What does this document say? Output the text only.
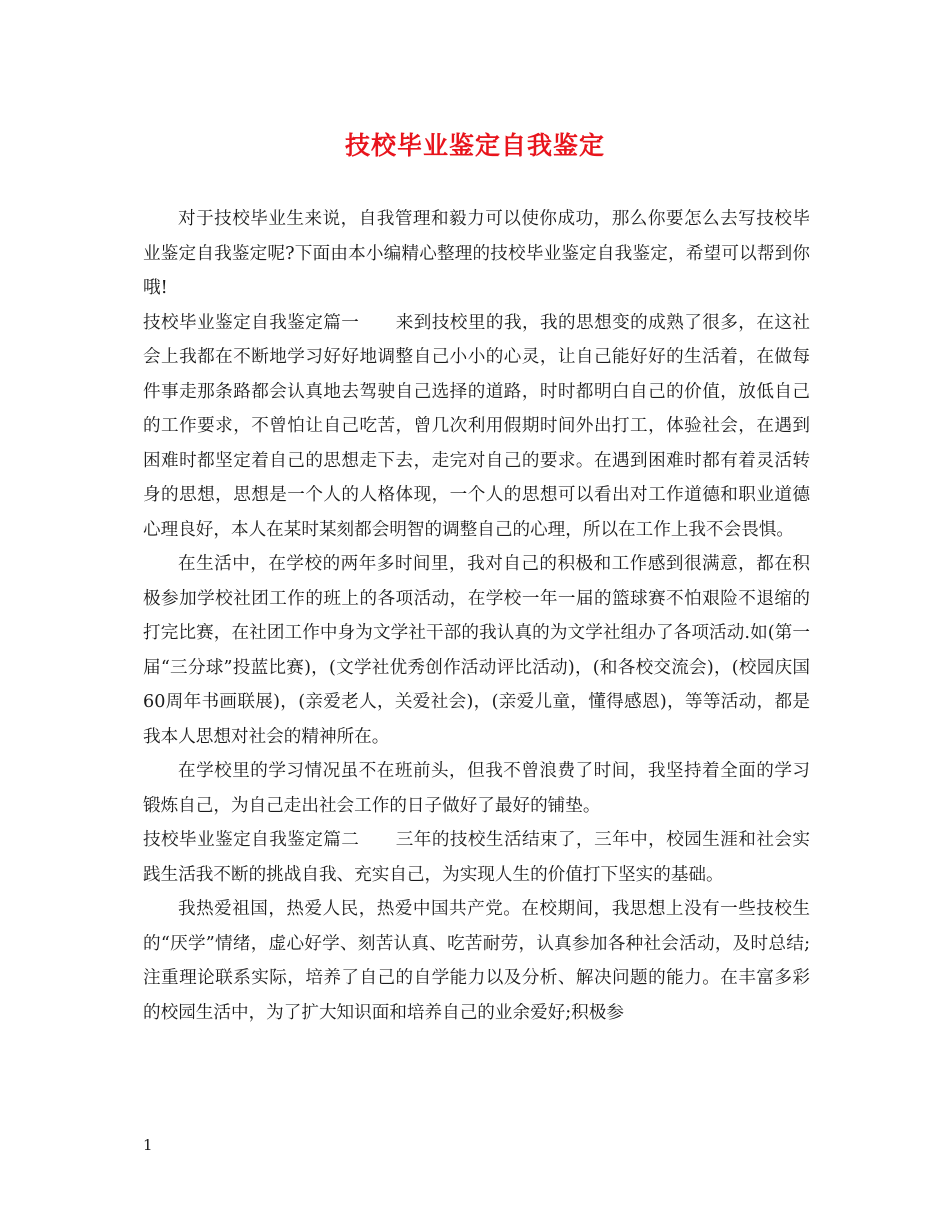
技校毕业鉴定自我鉴定

对于技校毕业生来说，自我管理和毅力可以使你成功，那么你要怎么去写技校毕业鉴定自我鉴定呢?下面由本小编精心整理的技校毕业鉴定自我鉴定，希望可以帮到你哦!

技校毕业鉴定自我鉴定篇一 来到技校里的我，我的思想变的成熟了很多，在这社会上我都在不断地学习好好地调整自己小小的心灵，让自己能好好的生活着，在做每件事走那条路都会认真地去驾驶自己选择的道路，时时都明白自己的价值，放低自己的工作要求，不曾怕让自己吃苦，曾几次利用假期时间外出打工，体验社会，在遇到困难时都坚定着自己的思想走下去，走完对自己的要求。在遇到困难时都有着灵活转身的思想，思想是一个人的人格体现，一个人的思想可以看出对工作道德和职业道德心理良好，本人在某时某刻都会明智的调整自己的心理，所以在工作上我不会畏惧。

在生活中，在学校的两年多时间里，我对自己的积极和工作感到很满意，都在积极参加学校社团工作的班上的各项活动，在学校一年一届的篮球赛不怕艰险不退缩的打完比赛，在社团工作中身为文学社干部的我认真的为文学社组办了各项活动.如(第一届“三分球”投蓝比赛)，(文学社优秀创作活动评比活动)，(和各校交流会)，(校园庆国60周年书画联展)，(亲爱老人，关爱社会)，(亲爱儿童，懂得感恩)，等等活动，都是我本人思想对社会的精神所在。

在学校里的学习情况虽不在班前头，但我不曾浪费了时间，我坚持着全面的学习锻炼自己，为自己走出社会工作的日子做好了最好的铺垫。

技校毕业鉴定自我鉴定篇二 三年的技校生活结束了，三年中，校园生涯和社会实践生活我不断的挑战自我、充实自己，为实现人生的价值打下坚实的基础。

我热爱祖国，热爱人民，热爱中国共产党。在校期间，我思想上没有一些技校生的“厌学”情绪，虚心好学、刻苦认真、吃苦耐劳，认真参加各种社会活动，及时总结;注重理论联系实际，培养了自己的自学能力以及分析、解决问题的能力。在丰富多彩的校园生活中，为了扩大知识面和培养自己的业余爱好;积极参

1
